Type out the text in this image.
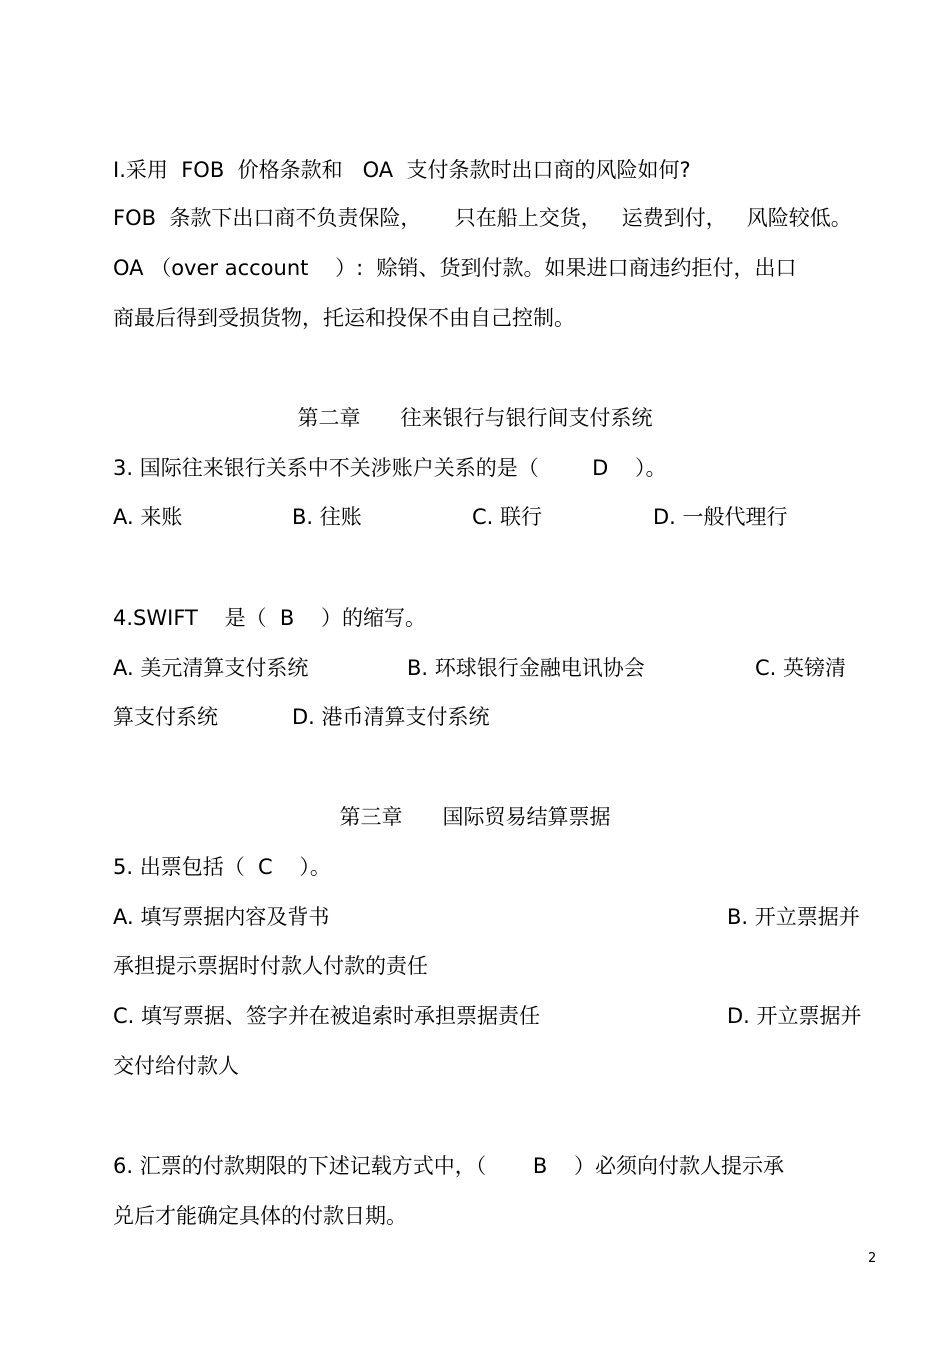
I.采用  FOB  价格条款和   OA  支付条款时出口商的风险如何?

FOB  条款下出口商不负责保险，     只在船上交货，   运费到付，   风险较低。

OA （over account    ）:  赊销、货到付款。如果进口商违约拒付，出口

商最后得到受损货物，托运和投保不由自己控制。

第二章      往来银行与银行间支付系统

3. 国际往来银行关系中不关涉账户关系的是（        D    ）。

A. 来账	B. 往账	C. 联行	D. 一般代理行

4.SWIFT    是（  B    ）的缩写。

A. 美元清算支付系统	B. 环球银行金融电讯协会	C. 英镑清

算支付系统	D. 港币清算支付系统

第三章      国际贸易结算票据

5. 出票包括（  C    ）。

A. 填写票据内容及背书	B. 开立票据并

承担提示票据时付款人付款的责任

C. 填写票据、签字并在被追索时承担票据责任	D. 开立票据并

交付给付款人

6. 汇票的付款期限的下述记载方式中，（       B    ）必须向付款人提示承

兑后才能确定具体的付款日期。

2
